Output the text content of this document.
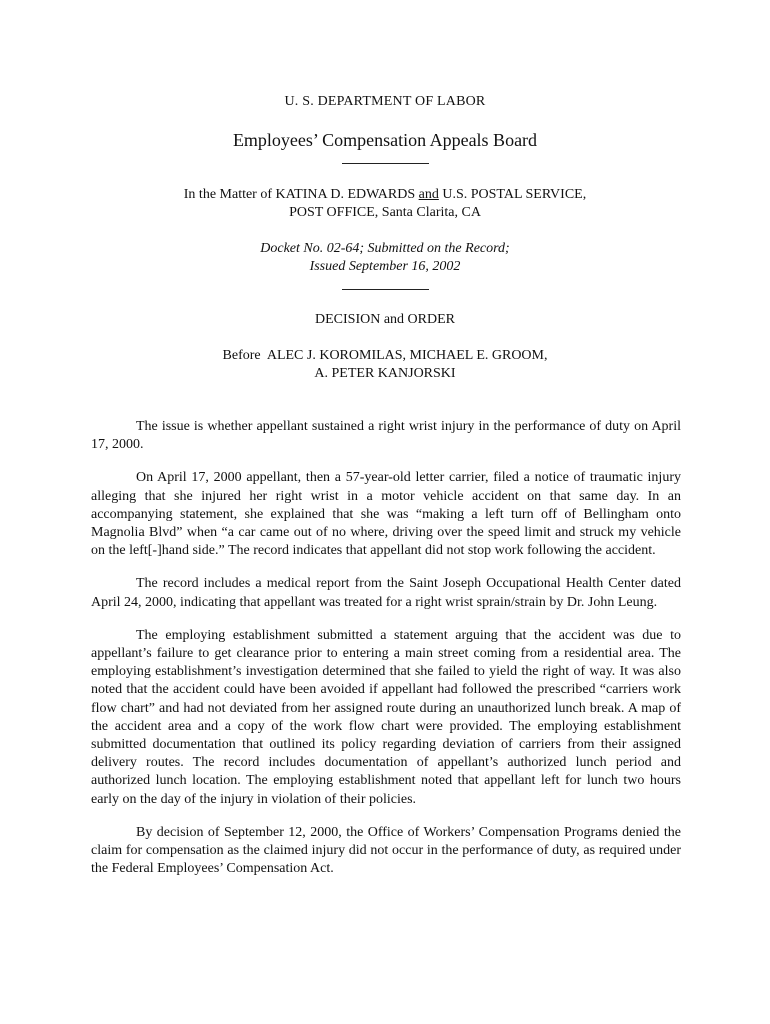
U. S. DEPARTMENT OF LABOR
Employees’ Compensation Appeals Board
In the Matter of KATINA D. EDWARDS and U.S. POSTAL SERVICE,
POST OFFICE, Santa Clarita, CA
Docket No. 02-64; Submitted on the Record;
Issued September 16, 2002
DECISION and ORDER
Before  ALEC J. KOROMILAS, MICHAEL E. GROOM,
A. PETER KANJORSKI

The issue is whether appellant sustained a right wrist injury in the performance of duty on April 17, 2000.

On April 17, 2000 appellant, then a 57-year-old letter carrier, filed a notice of traumatic injury alleging that she injured her right wrist in a motor vehicle accident on that same day. In an accompanying statement, she explained that she was “making a left turn off of Bellingham onto Magnolia Blvd” when “a car came out of no where, driving over the speed limit and struck my vehicle on the left[-]hand side.” The record indicates that appellant did not stop work following the accident.

The record includes a medical report from the Saint Joseph Occupational Health Center dated April 24, 2000, indicating that appellant was treated for a right wrist sprain/strain by Dr. John Leung.

The employing establishment submitted a statement arguing that the accident was due to appellant’s failure to get clearance prior to entering a main street coming from a residential area. The employing establishment’s investigation determined that she failed to yield the right of way. It was also noted that the accident could have been avoided if appellant had followed the prescribed “carriers work flow chart” and had not deviated from her assigned route during an unauthorized lunch break. A map of the accident area and a copy of the work flow chart were provided. The employing establishment submitted documentation that outlined its policy regarding deviation of carriers from their assigned delivery routes. The record includes documentation of appellant’s authorized lunch period and authorized lunch location. The employing establishment noted that appellant left for lunch two hours early on the day of the injury in violation of their policies.

By decision of September 12, 2000, the Office of Workers’ Compensation Programs denied the claim for compensation as the claimed injury did not occur in the performance of duty, as required under the Federal Employees’ Compensation Act.
